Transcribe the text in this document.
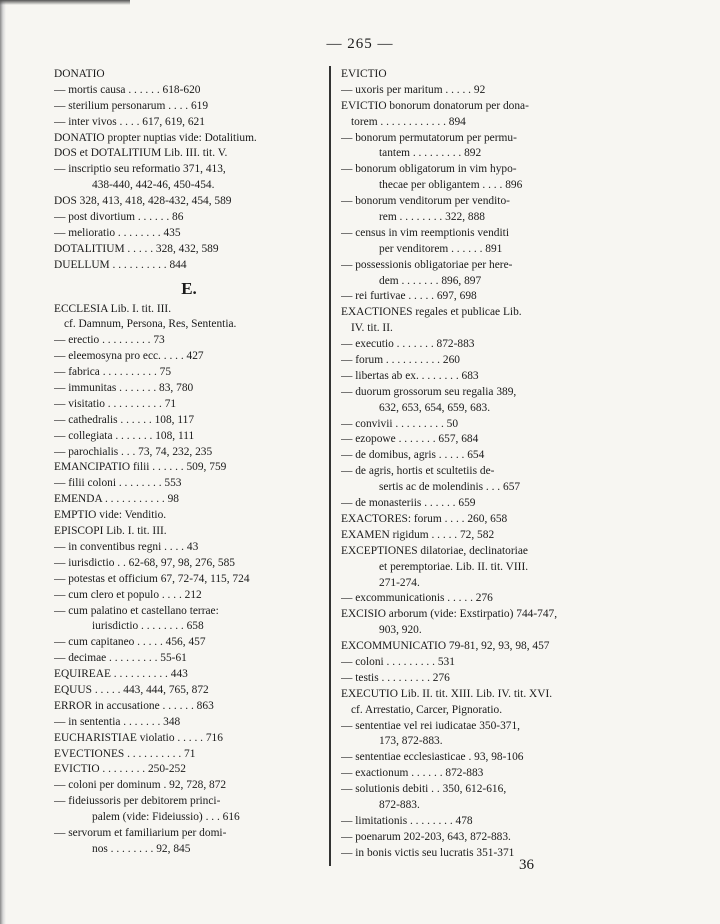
— 265 —
DONATIO
— mortis causa . . . . . . 618-620
— sterilium personarum . . . . 619
— inter vivos . . . . 617, 619, 621
DONATIO propter nuptias vide: Dotalitium.
DOS et DOTALITIUM Lib. III. tit. V.
— inscriptio seu reformatio 371, 413,
438-440, 442-46, 450-454.
DOS 328, 413, 418, 428-432, 454, 589
— post divortium . . . . . . 86
— melioratio . . . . . . . . 435
DOTALITIUM . . . . . 328, 432, 589
DUELLUM . . . . . . . . . . 844
E.
ECCLESIA Lib. I. tit. III.
cf. Damnum, Persona, Res, Sententia.
— erectio . . . . . . . . . 73
— eleemosyna pro ecc. . . . . 427
— fabrica . . . . . . . . . . 75
— immunitas . . . . . . . 83, 780
— visitatio . . . . . . . . . . 71
— cathedralis . . . . . . 108, 117
— collegiata . . . . . . . 108, 111
— parochialis . . . 73, 74, 232, 235
EMANCIPATIO filii . . . . . . 509, 759
— filii coloni . . . . . . . . 553
EMENDA . . . . . . . . . . . 98
EMPTIO vide: Venditio.
EPISCOPI Lib. I. tit. III.
— in conventibus regni . . . . 43
— iurisdictio . . 62-68, 97, 98, 276, 585
— potestas et officium 67, 72-74, 115, 724
— cum clero et populo . . . . 212
— cum palatino et castellano terrae:
iurisdictio . . . . . . . . 658
— cum capitaneo . . . . . 456, 457
— decimae . . . . . . . . . 55-61
EQUIREAE . . . . . . . . . . 443
EQUUS . . . . . 443, 444, 765, 872
ERROR in accusatione . . . . . . 863
— in sententia . . . . . . . 348
EUCHARISTIAE violatio . . . . . 716
EVECTIONES . . . . . . . . . . 71
EVICTIO . . . . . . . . 250-252
— coloni per dominum . 92, 728, 872
— fideiussoris per debitorem princi-
palem (vide: Fideiussio) . . . 616
— servorum et familiarium per domi-
nos . . . . . . . . 92, 845
EVICTIO
— uxoris per maritum . . . . . 92
EVICTIO bonorum donatorum per dona-
torem . . . . . . . . . . . . 894
— bonorum permutatorum per permu-
tantem . . . . . . . . . 892
— bonorum obligatorum in vim hypo-
thecae per obligantem . . . . 896
— bonorum venditorum per vendito-
rem . . . . . . . . 322, 888
— census in vim reemptionis venditi
per venditorem . . . . . . 891
— possessionis obligatoriae per here-
dem . . . . . . . 896, 897
— rei furtivae . . . . . 697, 698
EXACTIONES regales et publicae Lib.
IV. tit. II.
— executio . . . . . . . 872-883
— forum . . . . . . . . . . 260
— libertas ab ex. . . . . . . . 683
— duorum grossorum seu regalia 389,
632, 653, 654, 659, 683.
— convivii . . . . . . . . . 50
— ezopowe . . . . . . . 657, 684
— de domibus, agris . . . . . 654
— de agris, hortis et scultetiis de-
sertis ac de molendinis . . . 657
— de monasteriis . . . . . . 659
EXACTORES: forum . . . . 260, 658
EXAMEN rigidum . . . . . 72, 582
EXCEPTIONES dilatoriae, declinatoriae
et peremptoriae. Lib. II. tit. VIII.
271-274.
— excommunicationis . . . . . 276
EXCISIO arborum (vide: Exstirpatio) 744-747,
903, 920.
EXCOMMUNICATIO 79-81, 92, 93, 98, 457
— coloni . . . . . . . . . 531
— testis . . . . . . . . . 276
EXECUTIO Lib. II. tit. XIII. Lib. IV. tit. XVI.
cf. Arrestatio, Carcer, Pignoratio.
— sententiae vel rei iudicatae 350-371,
173, 872-883.
— sententiae ecclesiasticae . 93, 98-106
— exactionum . . . . . . 872-883
— solutionis debiti . . 350, 612-616,
872-883.
— limitationis . . . . . . . . 478
— poenarum 202-203, 643, 872-883.
— in bonis victis seu lucratis 351-371
36
